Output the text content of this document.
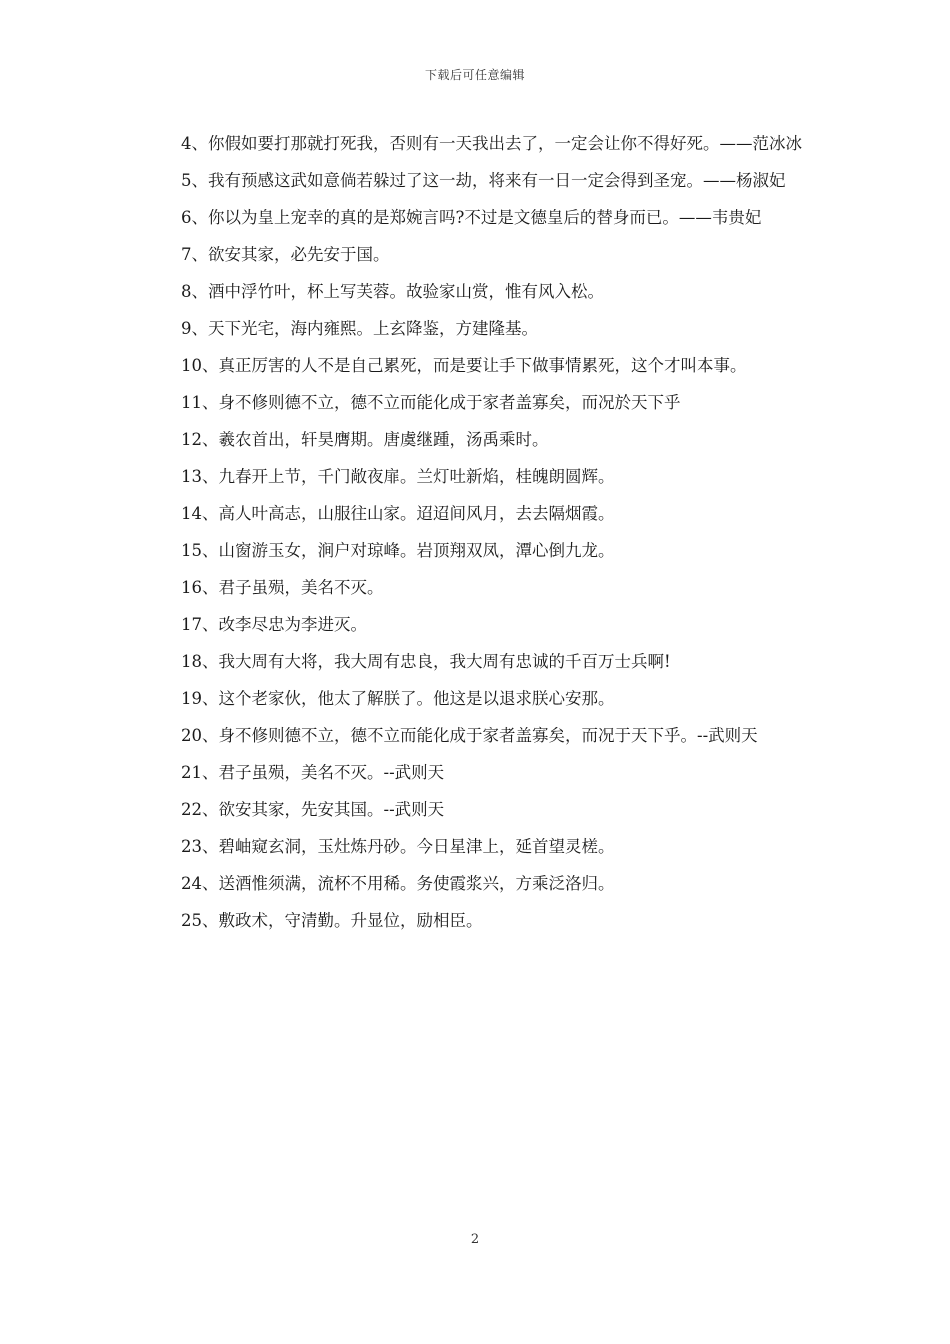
下载后可任意编辑

4、你假如要打那就打死我，否则有一天我出去了，一定会让你不得好死。——范冰冰

5、我有预感这武如意倘若躲过了这一劫，将来有一日一定会得到圣宠。——杨淑妃

6、你以为皇上宠幸的真的是郑婉言吗?不过是文德皇后的替身而已。——韦贵妃

7、欲安其家，必先安于国。

8、酒中浮竹叶，杯上写芙蓉。故验家山赏，惟有风入松。

9、天下光宅，海内雍熙。上玄降鉴，方建隆基。

10、真正厉害的人不是自己累死，而是要让手下做事情累死，这个才叫本事。

11、身不修则德不立，德不立而能化成于家者盖寡矣，而况於天下乎

12、羲农首出，轩昊膺期。唐虞继踵，汤禹乘时。

13、九春开上节，千门敞夜扉。兰灯吐新焰，桂魄朗圆辉。

14、高人叶高志，山服往山家。迢迢间风月，去去隔烟霞。

15、山窗游玉女，涧户对琼峰。岩顶翔双凤，潭心倒九龙。

16、君子虽殒，美名不灭。

17、改李尽忠为李进灭。

18、我大周有大将，我大周有忠良，我大周有忠诚的千百万士兵啊!

19、这个老家伙，他太了解朕了。他这是以退求朕心安那。

20、身不修则德不立，德不立而能化成于家者盖寡矣，而况于天下乎。--武则天

21、君子虽殒，美名不灭。--武则天

22、欲安其家，先安其国。--武则天

23、碧岫窥玄洞，玉灶炼丹砂。今日星津上，延首望灵槎。

24、送酒惟须满，流杯不用稀。务使霞浆兴，方乘泛洛归。

25、敷政术，守清勤。升显位，励相臣。

2
